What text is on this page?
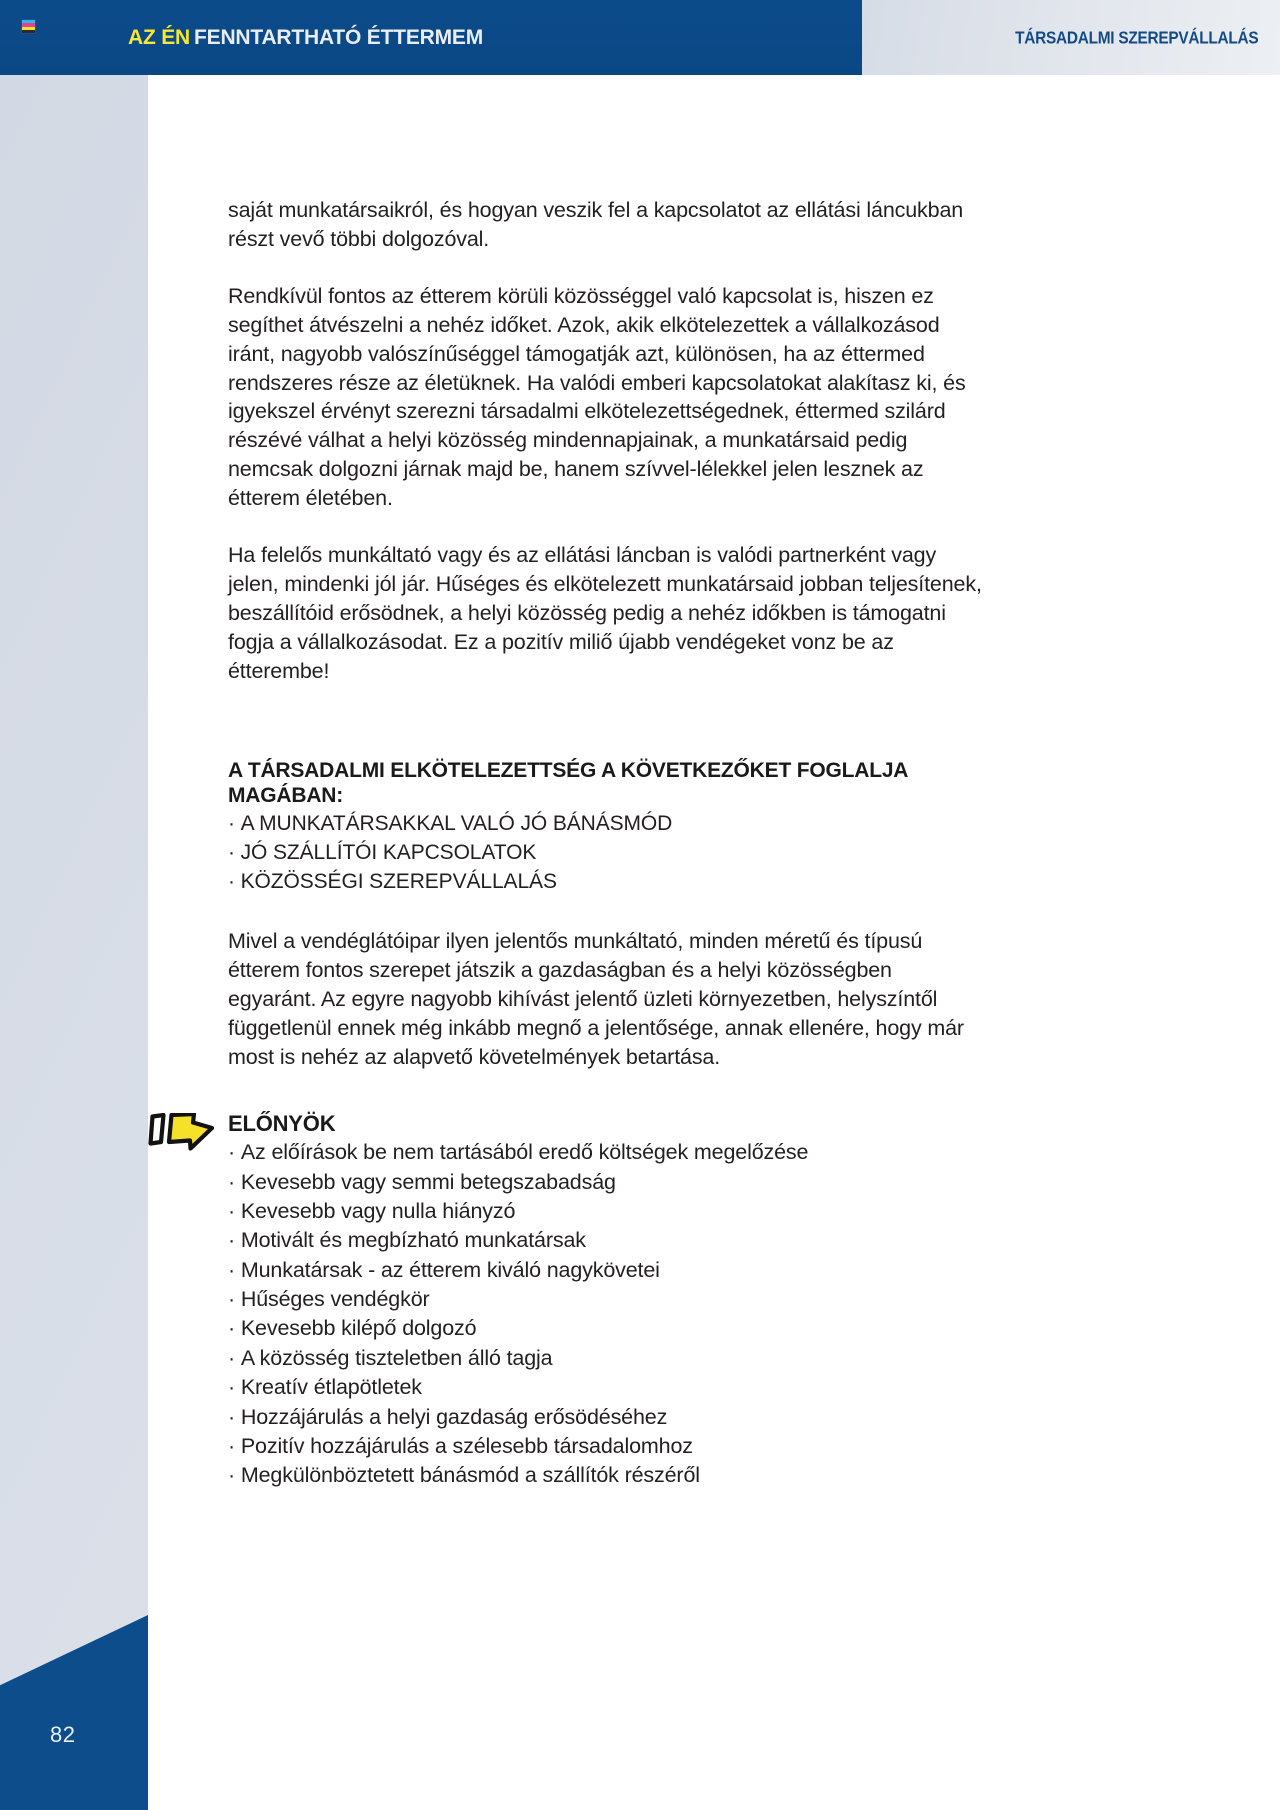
AZ ÉN FENNTARTHATÓ ÉTTERMEM	TÁRSADALMI SZEREPVÁLLALÁS
82

saját munkatársaikról, és hogyan veszik fel a kapcsolatot az ellátási láncukban részt vevő többi dolgozóval.

Rendkívül fontos az étterem körüli közösséggel való kapcsolat is, hiszen ez segíthet átvészelni a nehéz időket. Azok, akik elkötelezettek a vállalkozásod iránt, nagyobb valószínűséggel támogatják azt, különösen, ha az éttermed rendszeres része az életüknek. Ha valódi emberi kapcsolatokat alakítasz ki, és igyekszel érvényt szerezni társadalmi elkötelezettségednek, éttermed szilárd részévé válhat a helyi közösség mindennapjainak, a munkatársaid pedig nemcsak dolgozni járnak majd be, hanem szívvel-lélekkel jelen lesznek az étterem életében.

Ha felelős munkáltató vagy és az ellátási láncban is valódi partnerként vagy jelen, mindenki jól jár. Hűséges és elkötelezett munkatársaid jobban teljesítenek, beszállítóid erősödnek, a helyi közösség pedig a nehéz időkben is támogatni fogja a vállalkozásodat. Ez a pozitív miliő újabb vendégeket vonz be az étterembe!

A TÁRSADALMI ELKÖTELEZETTSÉG A KÖVETKEZŐKET FOGLALJA MAGÁBAN:
· A MUNKATÁRSAKKAL VALÓ JÓ BÁNÁSMÓD
· JÓ SZÁLLÍTÓI KAPCSOLATOK
· KÖZÖSSÉGI SZEREPVÁLLALÁS

Mivel a vendéglátóipar ilyen jelentős munkáltató, minden méretű és típusú étterem fontos szerepet játszik a gazdaságban és a helyi közösségben egyaránt. Az egyre nagyobb kihívást jelentő üzleti környezetben, helyszíntől függetlenül ennek még inkább megnő a jelentősége, annak ellenére, hogy már most is nehéz az alapvető követelmények betartása.

ELŐNYÖK
· Az előírások be nem tartásából eredő költségek megelőzése
· Kevesebb vagy semmi betegszabadság
· Kevesebb vagy nulla hiányzó
· Motivált és megbízható munkatársak
· Munkatársak - az étterem kiváló nagykövetei
· Hűséges vendégkör
· Kevesebb kilépő dolgozó
· A közösség tiszteletben álló tagja
· Kreatív étlapötletek
· Hozzájárulás a helyi gazdaság erősödéséhez
· Pozitív hozzájárulás a szélesebb társadalomhoz
· Megkülönböztetett bánásmód a szállítók részéről
